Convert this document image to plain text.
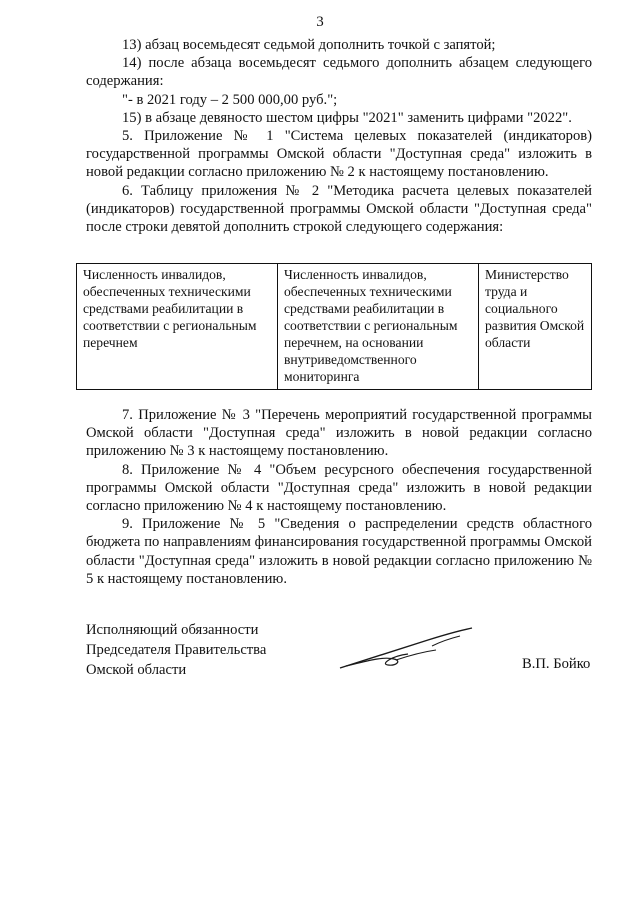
3

13) абзац восемьдесят седьмой дополнить точкой с запятой;

14) после абзаца восемьдесят седьмого дополнить абзацем следующего содержания:

"- в 2021 году – 2 500 000,00 руб.";

15) в абзаце девяносто шестом цифры "2021" заменить цифрами "2022".

5. Приложение № 1 "Система целевых показателей (индикаторов) государственной программы Омской области "Доступная среда" изложить в новой редакции согласно приложению № 2 к настоящему постановлению.

6. Таблицу приложения № 2 "Методика расчета целевых показателей (индикаторов) государственной программы Омской области "Доступная среда" после строки девятой дополнить строкой следующего содержания:

Численность инвалидов, обеспеченных техническими средствами реабилитации в соответствии с региональным перечнем	Численность инвалидов, обеспеченных техническими средствами реабилитации в соответствии с региональным перечнем, на основании внутриведомственного мониторинга	Министерство труда и социального развития Омской области

7. Приложение № 3 "Перечень мероприятий государственной программы Омской области "Доступная среда" изложить в новой редакции согласно приложению № 3 к настоящему постановлению.

8. Приложение № 4 "Объем ресурсного обеспечения государственной программы Омской области "Доступная среда" изложить в новой редакции согласно приложению № 4 к настоящему постановлению.

9. Приложение № 5 "Сведения о распределении средств областного бюджета по направлениям финансирования государственной программы Омской области "Доступная среда" изложить в новой редакции согласно приложению № 5 к настоящему постановлению.

Исполняющий обязанности
Председателя Правительства
Омской области	В.П. Бойко
